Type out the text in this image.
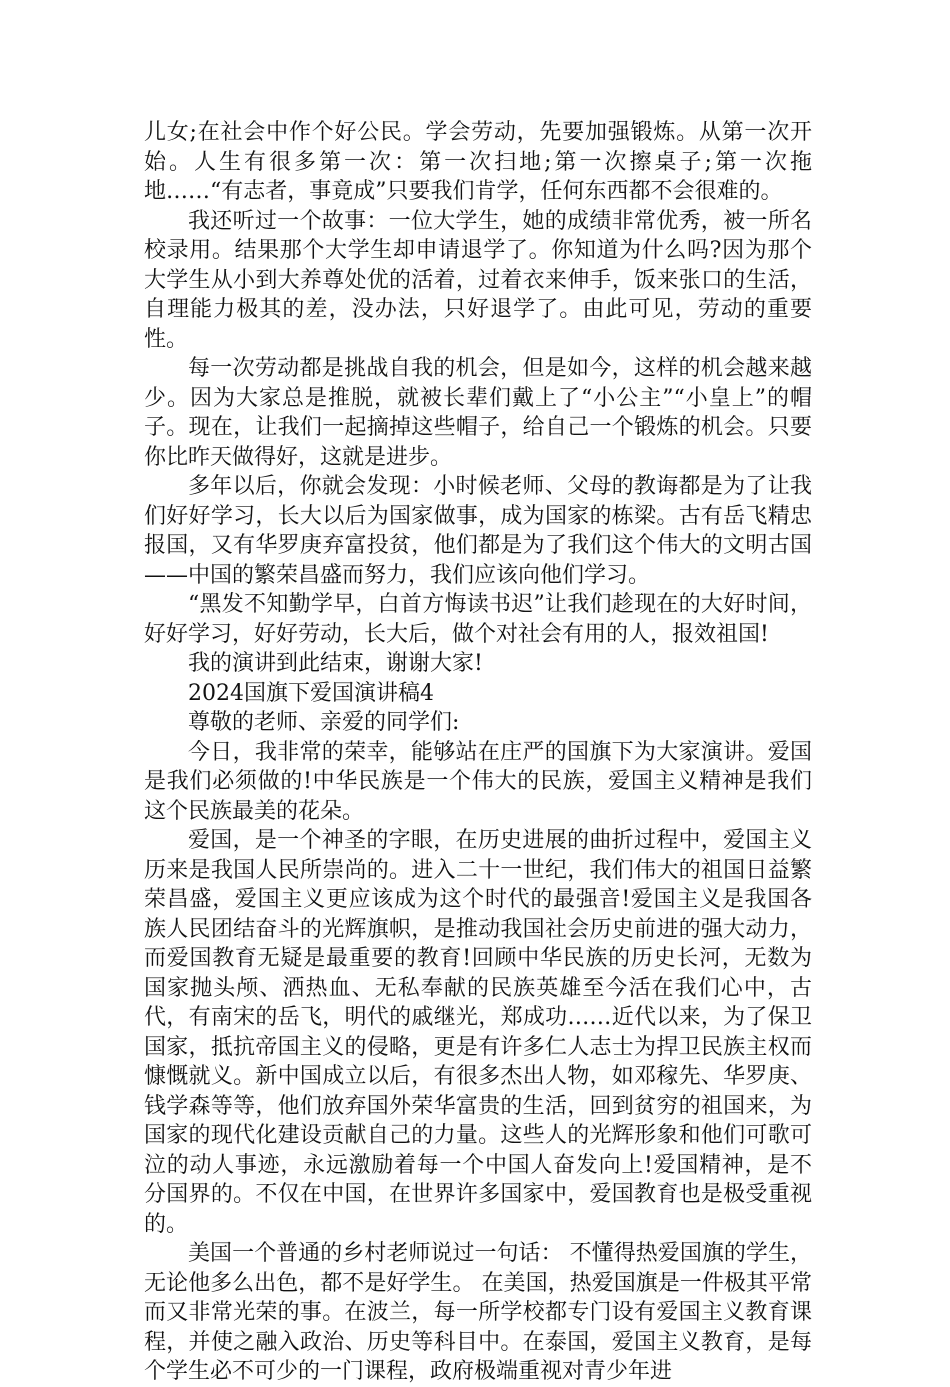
儿女;在社会中作个好公民。学会劳动，先要加强锻炼。从第一次开始。人生有很多第一次：第一次扫地;第一次擦桌子;第一次拖地……“有志者，事竟成”只要我们肯学，任何东西都不会很难的。

我还听过一个故事：一位大学生，她的成绩非常优秀，被一所名校录用。结果那个大学生却申请退学了。你知道为什么吗?因为那个大学生从小到大养尊处优的活着，过着衣来伸手，饭来张口的生活，自理能力极其的差，没办法，只好退学了。由此可见，劳动的重要性。

每一次劳动都是挑战自我的机会，但是如今，这样的机会越来越少。因为大家总是推脱，就被长辈们戴上了“小公主”“小皇上”的帽子。现在，让我们一起摘掉这些帽子，给自己一个锻炼的机会。只要你比昨天做得好，这就是进步。

多年以后，你就会发现：小时候老师、父母的教诲都是为了让我们好好学习，长大以后为国家做事，成为国家的栋梁。古有岳飞精忠报国，又有华罗庚弃富投贫，他们都是为了我们这个伟大的文明古国——中国的繁荣昌盛而努力，我们应该向他们学习。

“黑发不知勤学早，白首方悔读书迟”让我们趁现在的大好时间，好好学习，好好劳动，长大后，做个对社会有用的人，报效祖国!

我的演讲到此结束，谢谢大家!

2024国旗下爱国演讲稿4

尊敬的老师、亲爱的同学们:

今日，我非常的荣幸，能够站在庄严的国旗下为大家演讲。爱国是我们必须做的!中华民族是一个伟大的民族，爱国主义精神是我们这个民族最美的花朵。

爱国，是一个神圣的字眼，在历史进展的曲折过程中，爱国主义历来是我国人民所崇尚的。进入二十一世纪，我们伟大的祖国日益繁荣昌盛，爱国主义更应该成为这个时代的最强音!爱国主义是我国各族人民团结奋斗的光辉旗帜，是推动我国社会历史前进的强大动力，而爱国教育无疑是最重要的教育!回顾中华民族的历史长河，无数为国家抛头颅、洒热血、无私奉献的民族英雄至今活在我们心中，古代，有南宋的岳飞，明代的戚继光，郑成功……近代以来，为了保卫国家，抵抗帝国主义的侵略，更是有许多仁人志士为捍卫民族主权而慷慨就义。新中国成立以后，有很多杰出人物，如邓稼先、华罗庚、钱学森等等，他们放弃国外荣华富贵的生活，回到贫穷的祖国来，为国家的现代化建设贡献自己的力量。这些人的光辉形象和他们可歌可泣的动人事迹，永远激励着每一个中国人奋发向上!爱国精神，是不分国界的。不仅在中国，在世界许多国家中，爱国教育也是极受重视的。

美国一个普通的乡村老师说过一句话： 不懂得热爱国旗的学生，无论他多么出色，都不是好学生。 在美国，热爱国旗是一件极其平常而又非常光荣的事。在波兰，每一所学校都专门设有爱国主义教育课程，并使之融入政治、历史等科目中。在泰国，爱国主义教育，是每个学生必不可少的一门课程，政府极端重视对青少年进
